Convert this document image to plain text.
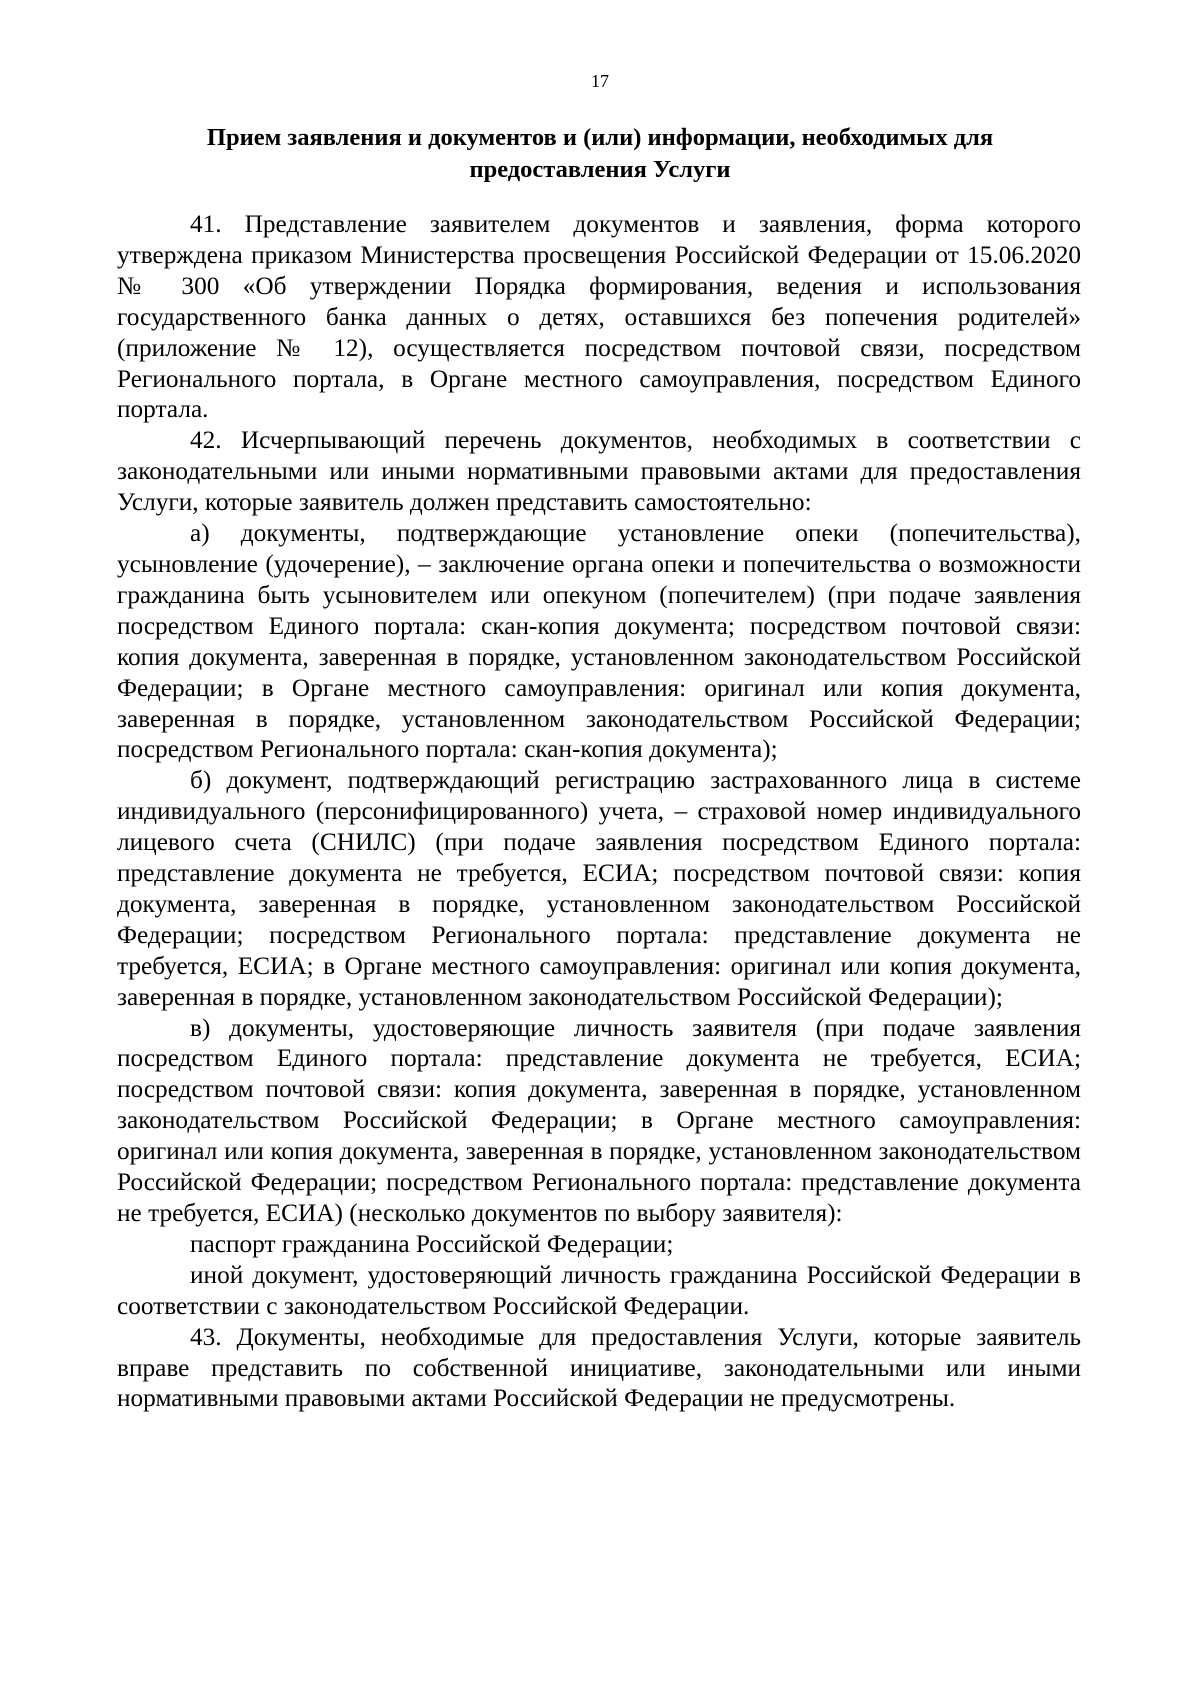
17
Прием заявления и документов и (или) информации, необходимых для предоставления Услуги

41. Представление заявителем документов и заявления, форма которого утверждена приказом Министерства просвещения Российской Федерации от 15.06.2020 № 300 «Об утверждении Порядка формирования, ведения и использования государственного банка данных о детях, оставшихся без попечения родителей» (приложение № 12), осуществляется посредством почтовой связи, посредством Регионального портала, в Органе местного самоуправления, посредством Единого портала.

42. Исчерпывающий перечень документов, необходимых в соответствии с законодательными или иными нормативными правовыми актами для предоставления Услуги, которые заявитель должен представить самостоятельно:

а) документы, подтверждающие установление опеки (попечительства), усыновление (удочерение), – заключение органа опеки и попечительства о возможности гражданина быть усыновителем или опекуном (попечителем) (при подаче заявления посредством Единого портала: скан-копия документа; посредством почтовой связи: копия документа, заверенная в порядке, установленном законодательством Российской Федерации; в Органе местного самоуправления: оригинал или копия документа, заверенная в порядке, установленном законодательством Российской Федерации; посредством Регионального портала: скан-копия документа);

б) документ, подтверждающий регистрацию застрахованного лица в системе индивидуального (персонифицированного) учета, – страховой номер индивидуального лицевого счета (СНИЛС) (при подаче заявления посредством Единого портала: представление документа не требуется, ЕСИА; посредством почтовой связи: копия документа, заверенная в порядке, установленном законодательством Российской Федерации; посредством Регионального портала: представление документа не требуется, ЕСИА; в Органе местного самоуправления: оригинал или копия документа, заверенная в порядке, установленном законодательством Российской Федерации);

в) документы, удостоверяющие личность заявителя (при подаче заявления посредством Единого портала: представление документа не требуется, ЕСИА; посредством почтовой связи: копия документа, заверенная в порядке, установленном законодательством Российской Федерации; в Органе местного самоуправления: оригинал или копия документа, заверенная в порядке, установленном законодательством Российской Федерации; посредством Регионального портала: представление документа не требуется, ЕСИА) (несколько документов по выбору заявителя):

паспорт гражданина Российской Федерации;

иной документ, удостоверяющий личность гражданина Российской Федерации в соответствии с законодательством Российской Федерации.

43. Документы, необходимые для предоставления Услуги, которые заявитель вправе представить по собственной инициативе, законодательными или иными нормативными правовыми актами Российской Федерации не предусмотрены.
